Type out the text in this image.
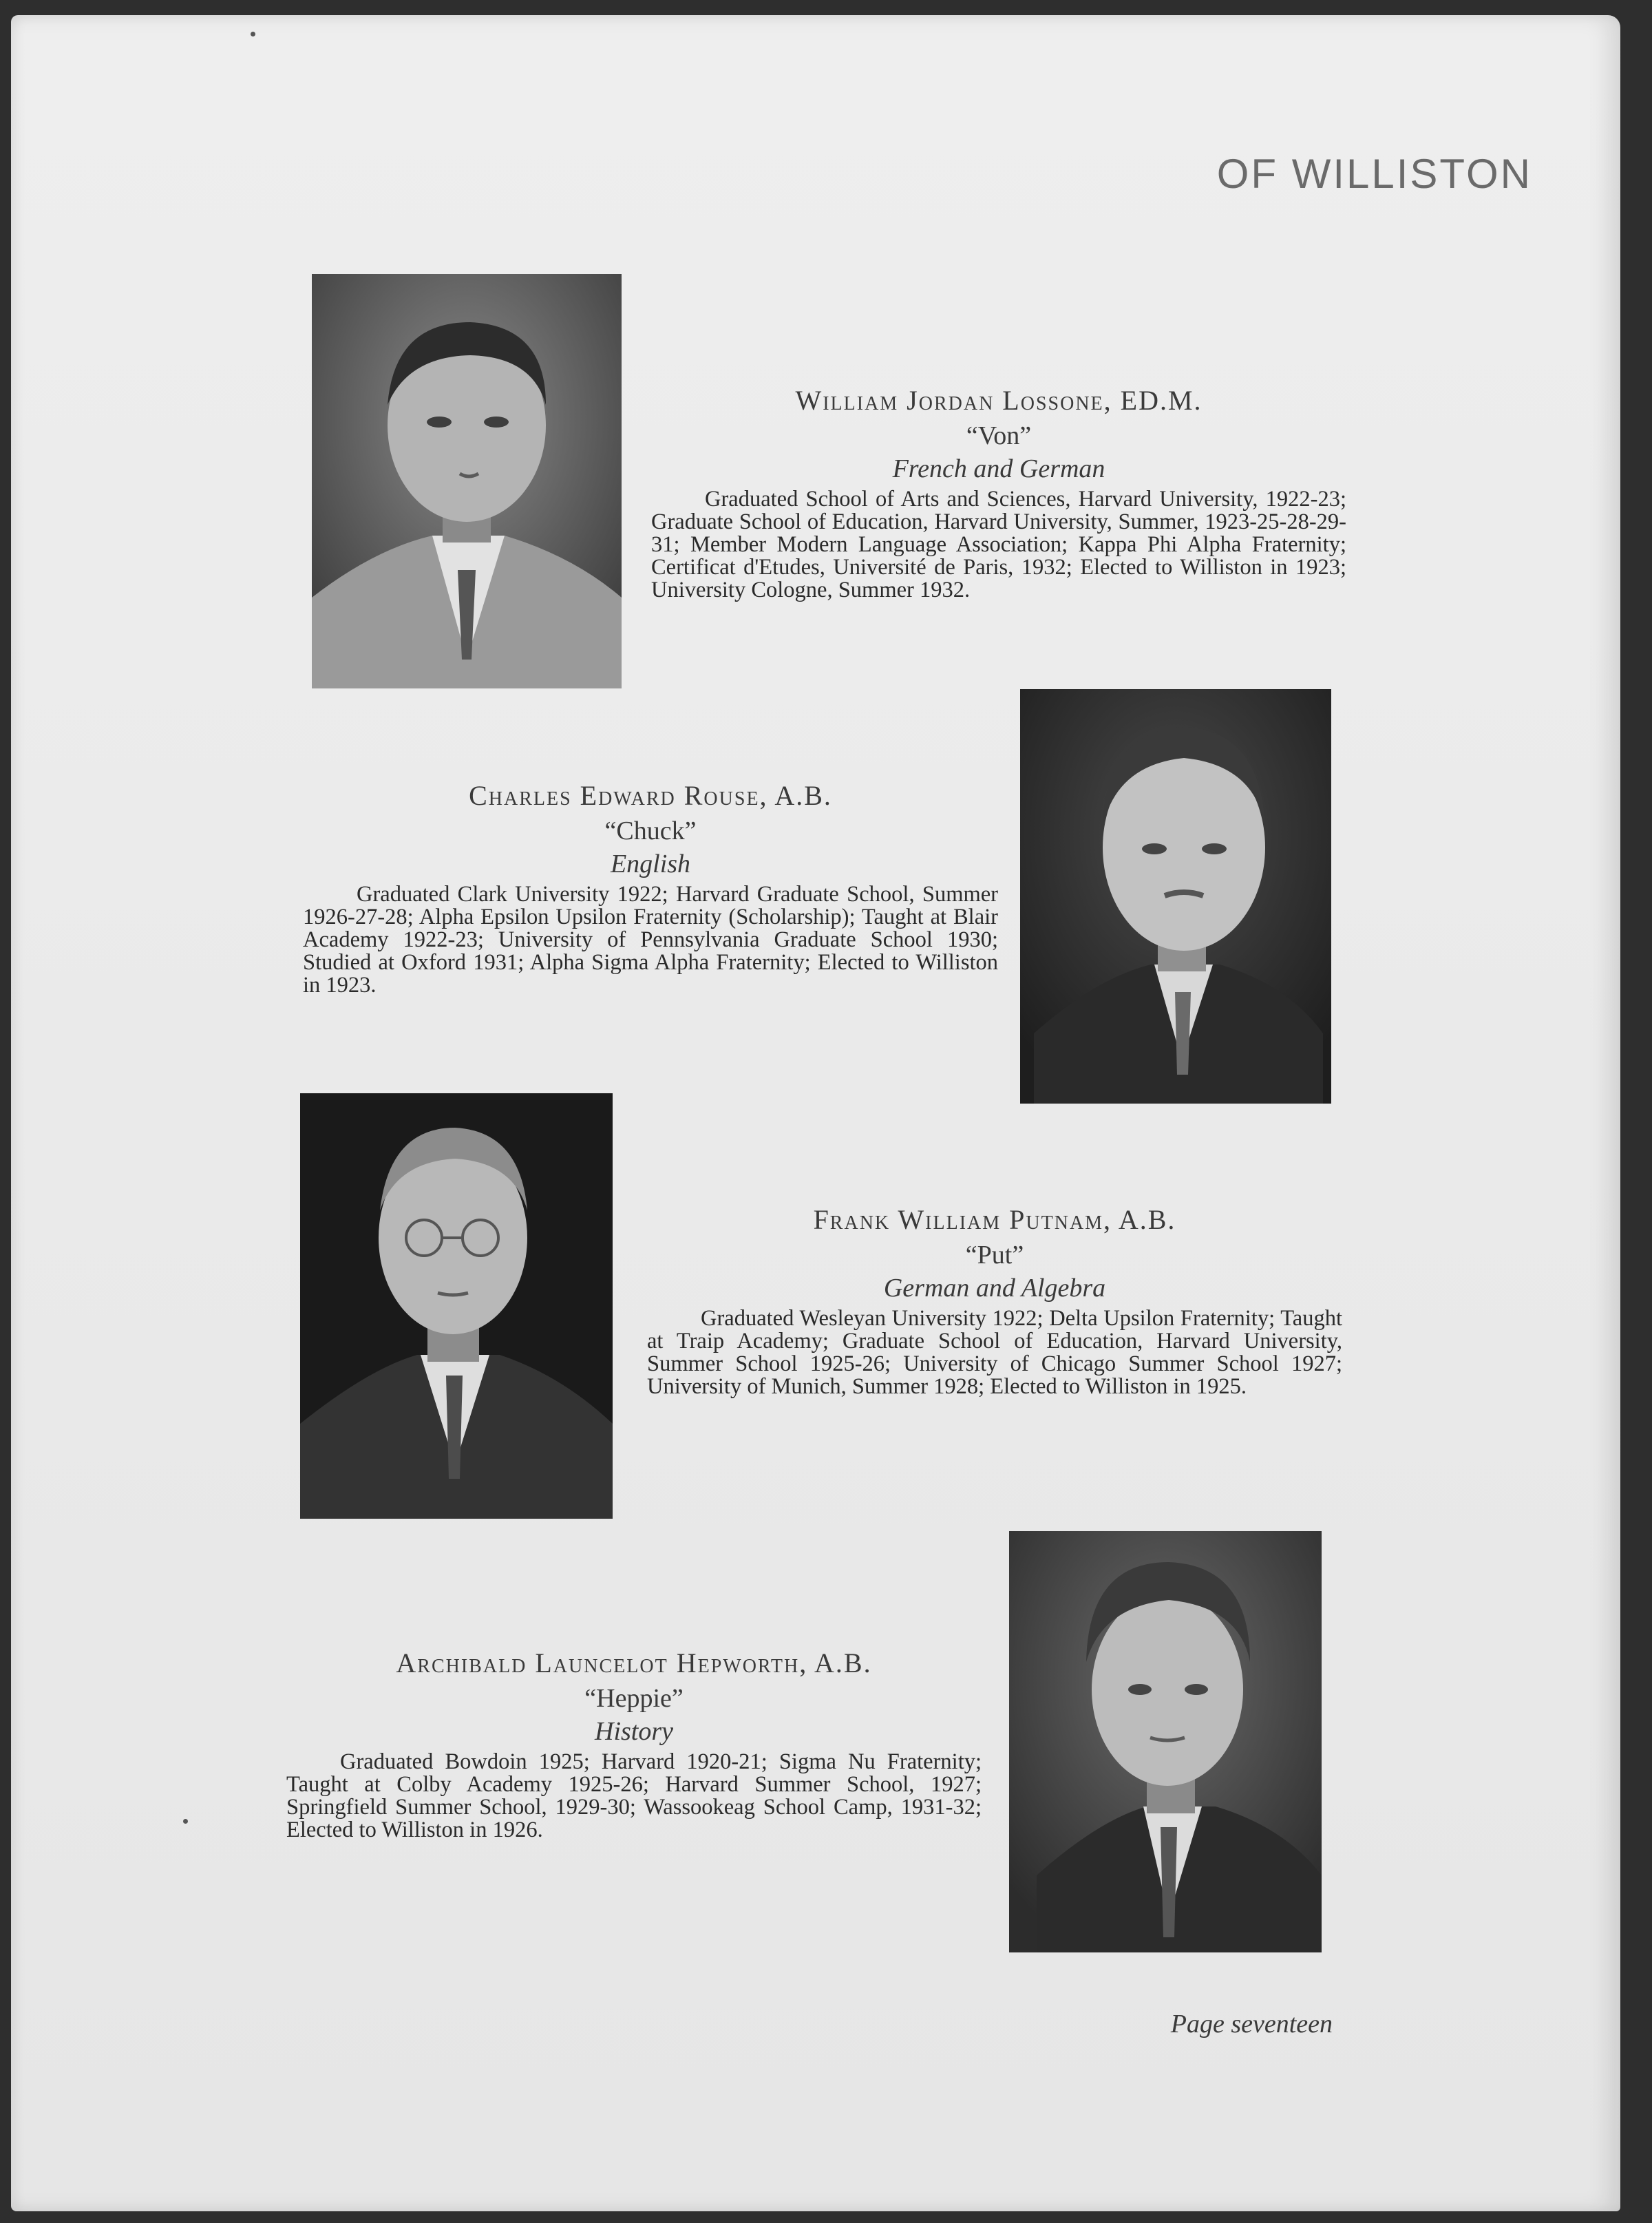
OF WILLISTON

William Jordan Lossone, ED.M.

“Von”

French and German

Graduated School of Arts and Sciences, Harvard University, 1922-23; Graduate School of Education, Harvard University, Summer, 1923-25-28-29-31; Member Modern Language Association; Kappa Phi Alpha Fraternity; Certificat d'Etudes, Université de Paris, 1932; Elected to Williston in 1923; University Cologne, Summer 1932.

Charles Edward Rouse, A.B.

“Chuck”

English

Graduated Clark University 1922; Harvard Graduate School, Summer 1926-27-28; Alpha Epsilon Upsilon Fraternity (Scholarship); Taught at Blair Academy 1922-23; University of Pennsylvania Graduate School 1930; Studied at Oxford 1931; Alpha Sigma Alpha Fraternity; Elected to Williston in 1923.

Frank William Putnam, A.B.

“Put”

German and Algebra

Graduated Wesleyan University 1922; Delta Upsilon Fraternity; Taught at Traip Academy; Graduate School of Education, Harvard University, Summer School 1925-26; University of Chicago Summer School 1927; University of Munich, Summer 1928; Elected to Williston in 1925.

Archibald Launcelot Hepworth, A.B.

“Heppie”

History

Graduated Bowdoin 1925; Harvard 1920-21; Sigma Nu Fraternity; Taught at Colby Academy 1925-26; Harvard Summer School, 1927; Springfield Summer School, 1929-30; Wassookeag School Camp, 1931-32; Elected to Williston in 1926.

Page seventeen
